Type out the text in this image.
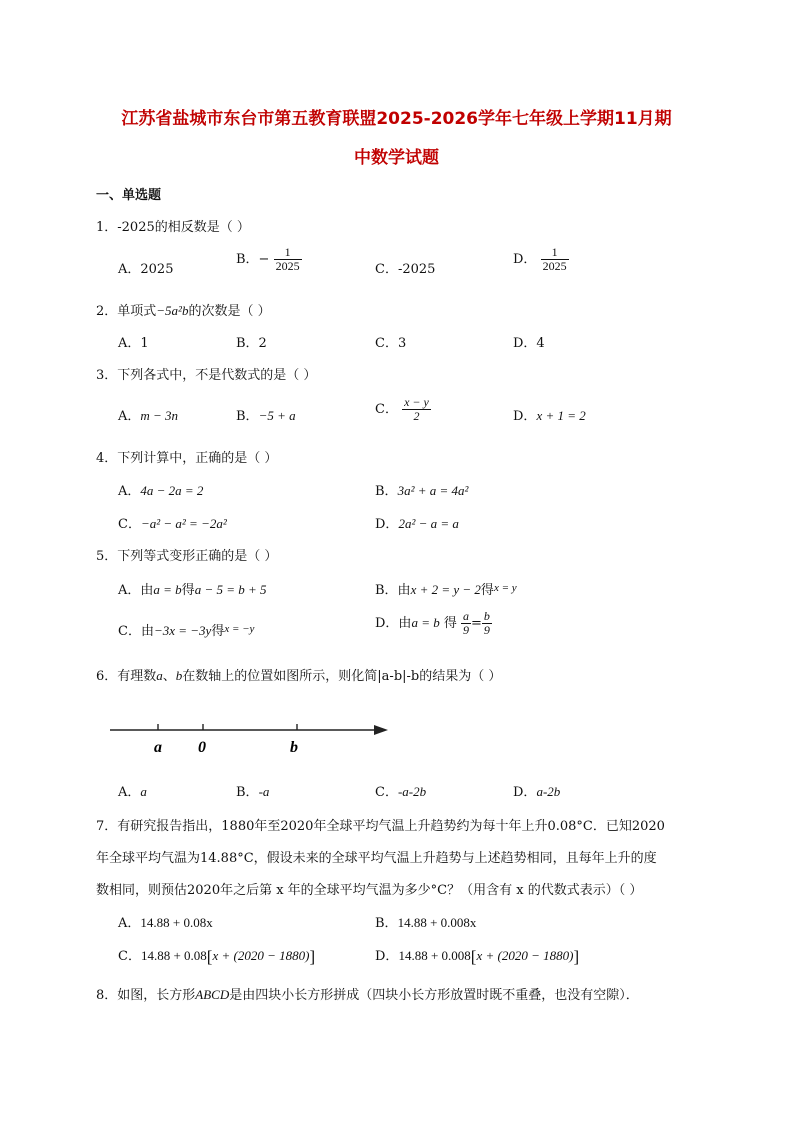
江苏省盐城市东台市第五教育联盟2025-2026学年七年级上学期11月期
中数学试题
一、单选题
1．-2025的相反数是（ ）
A．2025
B．− $\frac{1}{2025}$	C．-2025
D． $\frac{1}{2025}$
2．单项式−5a²b的次数是（ ）
A．1	B．2	C．3	D．4
3．下列各式中，不是代数式的是（ ）
A．m − 3n	B．−5 + a	C． $\frac{x - y}{2}$	D．x + 1 = 2
4．下列计算中，正确的是（ ）
A．4a − 2a = 2	B．3a² + a = 4a²
C．−a² − a² = −2a²	D．2a² − a = a
5．下列等式变形正确的是（ ）
A．由a = b得a − 5 = b + 5	B．由x + 2 = y − 2得$^{x = y}$
C．由−3x = −3y得$^{x = -y}$	D．由a = b 得 $\frac{a}{9} = \frac{b}{9}$
6．有理数a、b在数轴上的位置如图所示，则化简|a-b|-b的结果为（ ）
a 0	b
A．a	B．-a	C．-a-2b	D．a-2b
7．有研究报告指出，1880年至2020年全球平均气温上升趋势约为每十年上升0.08°C．已知2020
年全球平均气温为14.88°C，假设未来的全球平均气温上升趋势与上述趋势相同，且每年上升的度
数相同，则预估2020年之后第 x 年的全球平均气温为多少°C？（用含有 x 的代数式表示）（ ）
A．14.88 + 0.08x	B．14.88 + 0.008x
C．14.88 + 0.08[x + (2020 − 1880)]	D．14.88 + 0.008[x + (2020 − 1880)]
8．如图，长方形ABCD是由四块小长方形拼成（四块小长方形放置时既不重叠，也没有空隙）．
